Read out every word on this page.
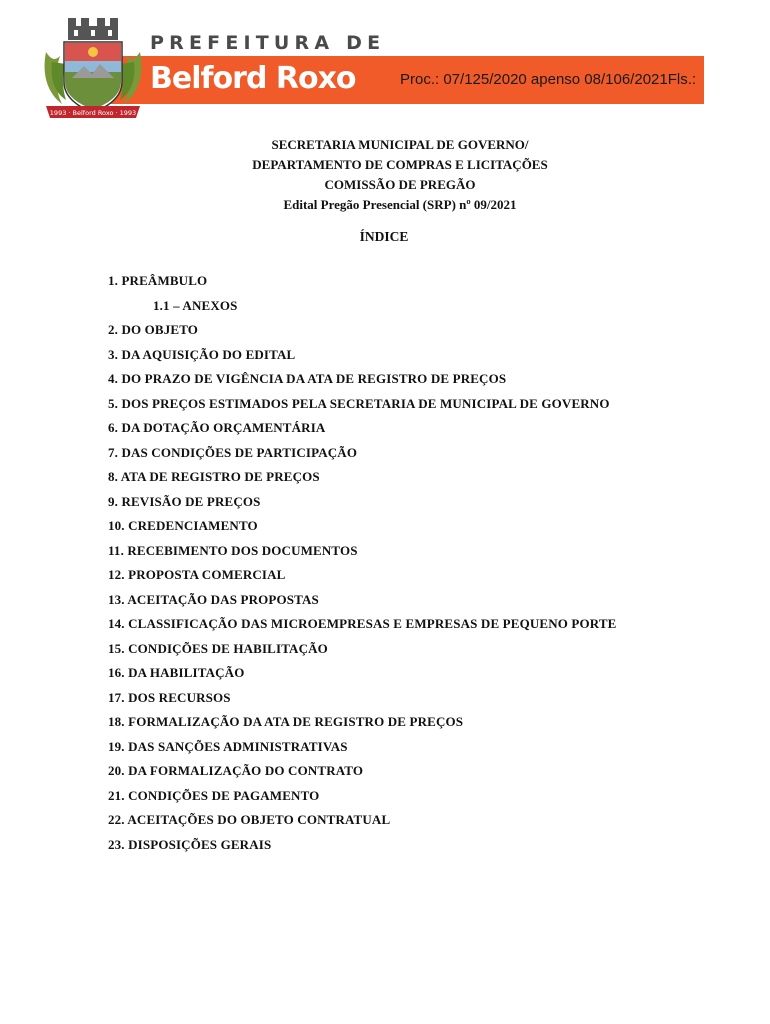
PREFEITURA DE
Belford Roxo	Proc.: 07/125/2020 apenso 08/106/2021Fls.:
1993 · Belford Roxo · 1993
SECRETARIA MUNICIPAL DE GOVERNO/
DEPARTAMENTO DE COMPRAS E LICITAÇÕES
COMISSÃO DE PREGÃO
Edital Pregão Presencial (SRP) nº 09/2021
ÍNDICE
1. PREÂMBULO
1.1 – ANEXOS
2. DO OBJETO
3. DA AQUISIÇÃO DO EDITAL
4. DO PRAZO DE VIGÊNCIA DA ATA DE REGISTRO DE PREÇOS
5. DOS PREÇOS ESTIMADOS PELA SECRETARIA DE MUNICIPAL DE GOVERNO
6. DA DOTAÇÃO ORÇAMENTÁRIA
7. DAS CONDIÇÕES DE PARTICIPAÇÃO
8. ATA DE REGISTRO DE PREÇOS
9. REVISÃO DE PREÇOS
10. CREDENCIAMENTO
11. RECEBIMENTO DOS DOCUMENTOS
12. PROPOSTA COMERCIAL
13. ACEITAÇÃO DAS PROPOSTAS
14. CLASSIFICAÇÃO DAS MICROEMPRESAS E EMPRESAS DE PEQUENO PORTE
15. CONDIÇÕES DE HABILITAÇÃO
16. DA HABILITAÇÃO
17. DOS RECURSOS
18. FORMALIZAÇÃO DA ATA DE REGISTRO DE PREÇOS
19. DAS SANÇÕES ADMINISTRATIVAS
20. DA FORMALIZAÇÃO DO CONTRATO
21. CONDIÇÕES DE PAGAMENTO
22. ACEITAÇÕES DO OBJETO CONTRATUAL
23. DISPOSIÇÕES GERAIS
